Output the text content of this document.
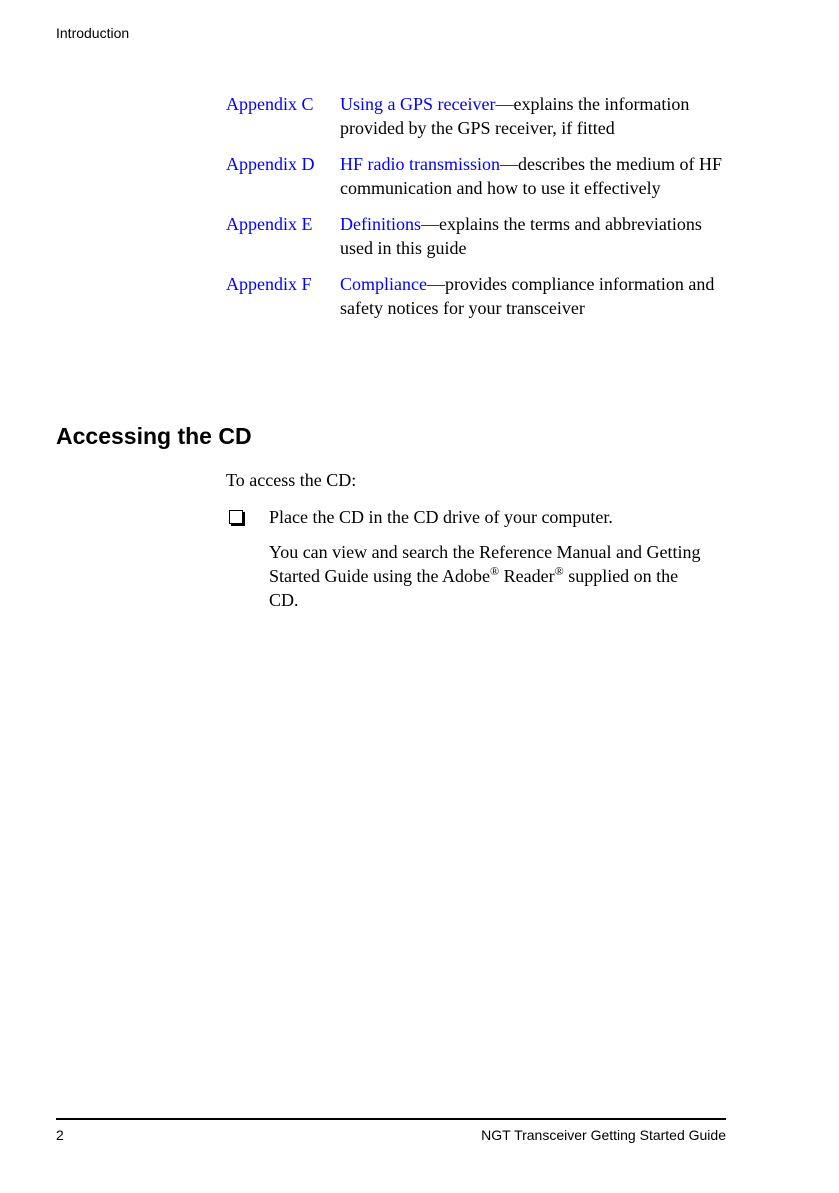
Introduction
Appendix C	Using a GPS receiver—explains the information provided by the GPS receiver, if fitted
Appendix D	HF radio transmission—describes the medium of HF communication and how to use it effectively
Appendix E	Definitions—explains the terms and abbreviations used in this guide
Appendix F	Compliance—provides compliance information and safety notices for your transceiver
Accessing the CD
To access the CD:
Place the CD in the CD drive of your computer.
You can view and search the Reference Manual and Getting Started Guide using the Adobe® Reader® supplied on the CD.
2	NGT Transceiver Getting Started Guide
